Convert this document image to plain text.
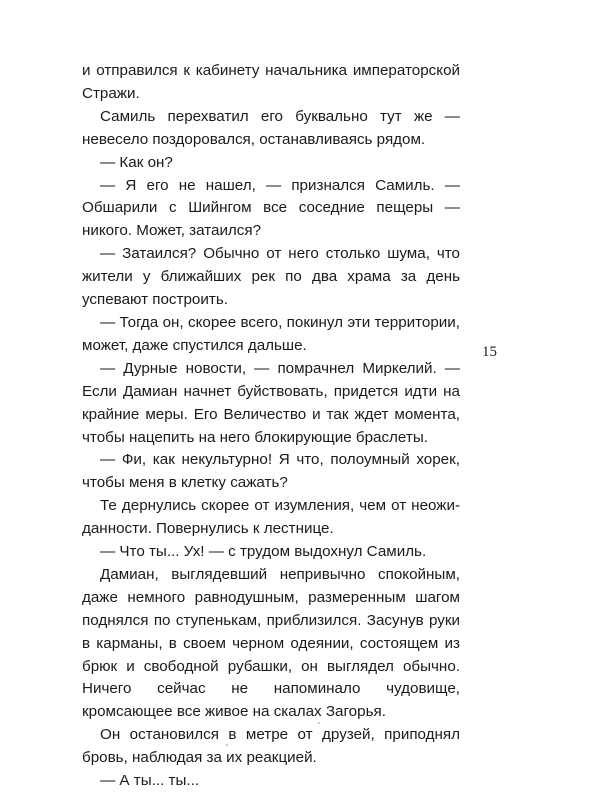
и отправился к кабинету начальника императорской Стражи.

Самиль перехватил его буквально тут же — невесело поздоровался, останавливаясь рядом.

— Как он?

— Я его не нашел, — признался Самиль. — Обшарили с Шийнгом все соседние пещеры — никого. Может, затаился?

— Затаился? Обычно от него столько шума, что жители у ближайших рек по два храма за день успевают построить.

— Тогда он, скорее всего, покинул эти территории, может, даже спустился дальше.

— Дурные новости, — помрачнел Миркелий. — Если Дамиан начнет буйствовать, придется идти на крайние меры. Его Величество и так ждет момента, чтобы нацепить на него блокирующие браслеты.

— Фи, как некультурно! Я что, полоумный хорек, чтобы меня в клетку сажать?

Те дернулись скорее от изумления, чем от неожиданности. Повернулись к лестнице.

— Что ты... Ух! — с трудом выдохнул Самиль.

Дамиан, выглядевший непривычно спокойным, даже немного равнодушным, размеренным шагом поднялся по ступенькам, приблизился. Засунув руки в карманы, в своем черном одеянии, состоящем из брюк и свободной рубашки, он выглядел обычно. Ничего сейчас не напоминало чудовище, кромсающее все живое на скалах Загорья.

Он остановился в метре от друзей, приподнял бровь, наблюдая за их реакцией.

— А ты... ты...

15
